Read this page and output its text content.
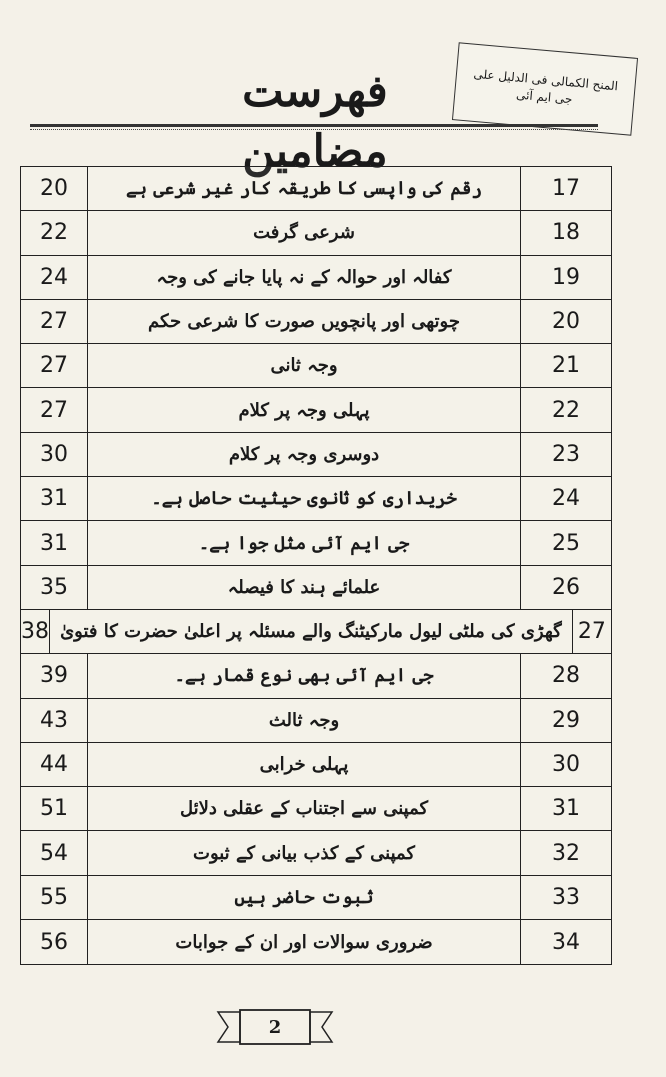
المنح الكمالی فی الدلیل علی جی ایم آئی
فهرست مضامين
20	رقم کی واپسی کا طریقہ کار غیر شرعی ہے	17
22	شرعی گرفت	18
24	کفالہ اور حوالہ کے نہ پایا جانے کی وجہ	19
27	چوتھی اور پانچویں صورت کا شرعی حکم	20
27	وجہ ثانی	21
27	پہلی وجہ پر کلام	22
30	دوسری وجہ پر کلام	23
31	خریداری کو ثانوی حیثیت حاصل ہے۔	24
31	جی ایم آئی مثل جوا ہے۔	25
35	علمائے ہند کا فیصلہ	26
38 گھڑی کی ملٹی لیول مارکیٹنگ والے مسئلہ پر اعلیٰ حضرت کا فتویٰ 27
39	جی ایم آئی بھی نوع قمار ہے۔	28
43	وجہ ثالث	29
44	پہلی خرابی	30
51	کمپنی سے اجتناب کے عقلی دلائل	31
54	کمپنی کے کذب بیانی کے ثبوت	32
55	ثبوت حاضر ہیں	33
56	ضروری سوالات اور ان کے جوابات	34
2
